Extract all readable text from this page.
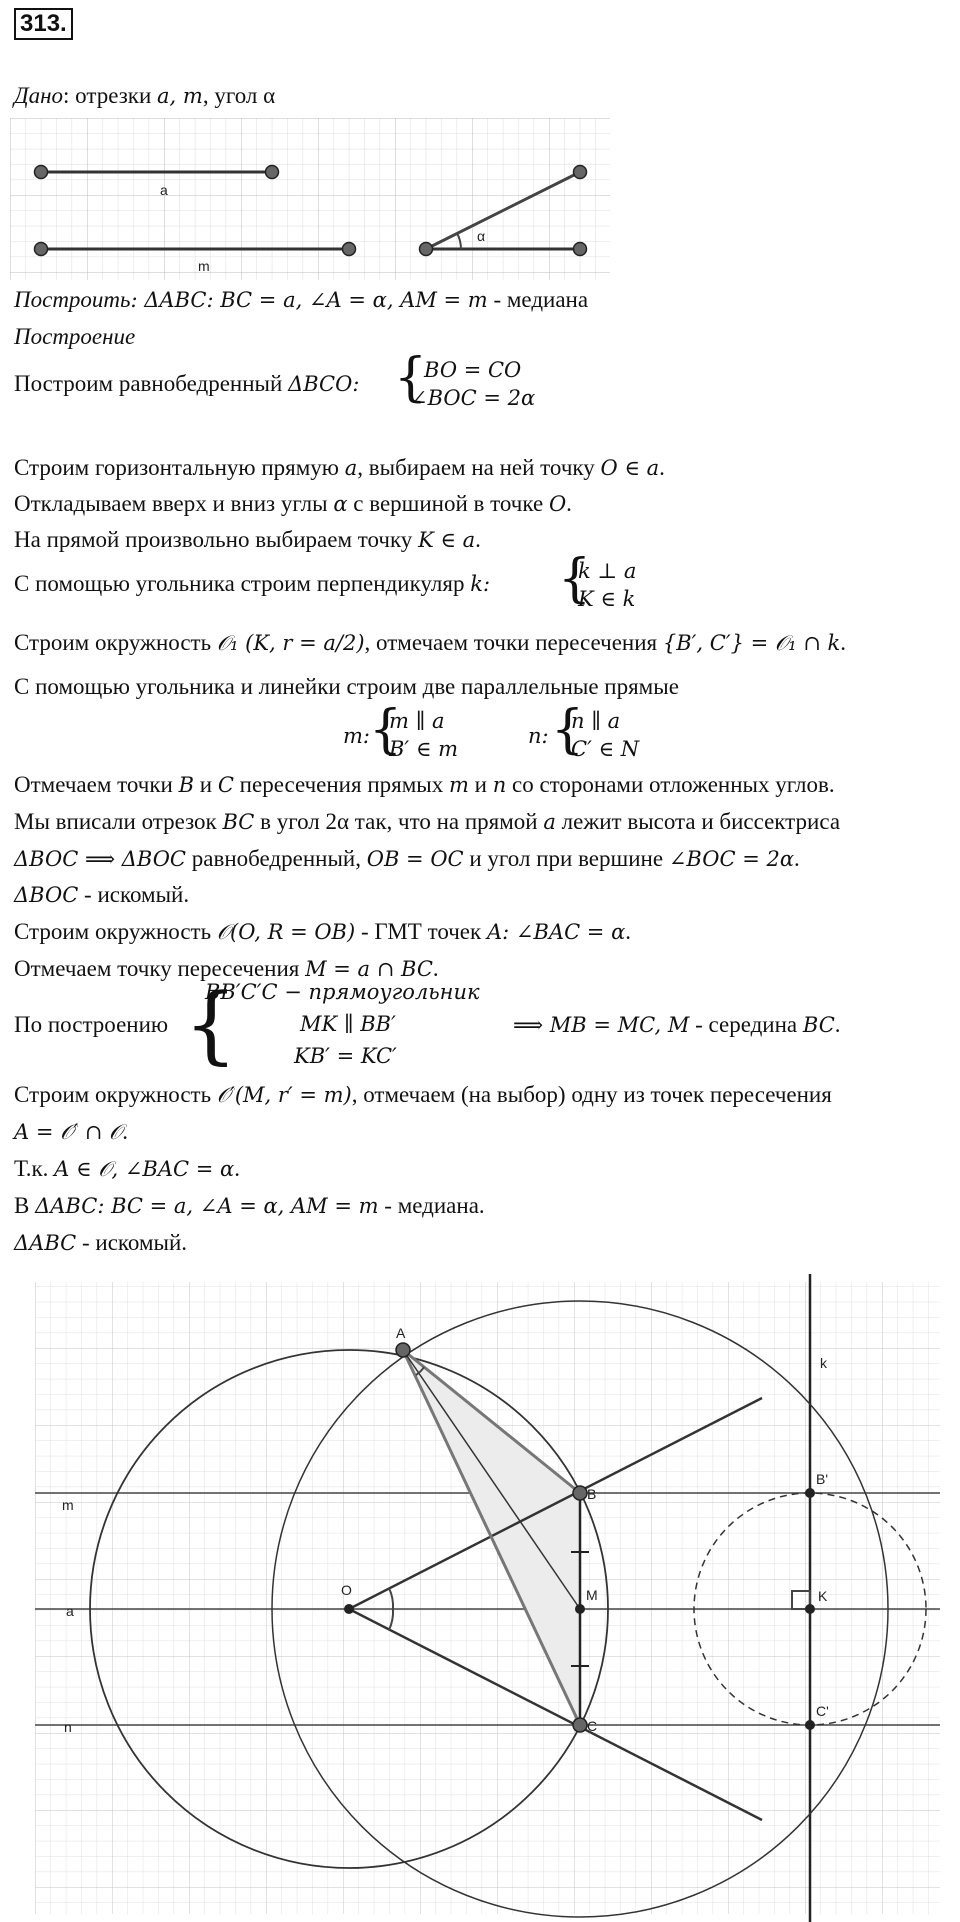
313.
Дано: отрезки a, m, угол α
a
m
α
Построить: ΔABC: BC = a, ∠A = α, AM = m - медиана
Построение
Построим равнобедренный ΔBCO: {
BO = CO
∠BOC = 2α
Строим горизонтальную прямую a, выбираем на ней точку O ∈ a.
Откладываем вверх и вниз углы α с вершиной в точке O.
На прямой произвольно выбираем точку K ∈ a.
С помощью угольника строим перпендикуляр k: {
k ⊥ a
K ∈ k
Строим окружность 𝒪₁ (K, r = a/2), отмечаем точки пересечения {B′, C′} = 𝒪₁ ∩ k.
С помощью угольника и линейки строим две параллельные прямые
m: {
m ∥ a
B′ ∈ m
n: {
n ∥ a
C′ ∈ N
Отмечаем точки B и C пересечения прямых m и n со сторонами отложенных углов.
Мы вписали отрезок BC в угол 2α так, что на прямой a лежит высота и биссектриса
ΔBOC ⟹ ΔBOC равнобедренный, OB = OC и угол при вершине ∠BOC = 2α.
ΔBOC - искомый.
Строим окружность 𝒪(O, R = OB) - ГМТ точек A: ∠BAC = α.
Отмечаем точку пересечения M = a ∩ BC.
По построению {
BB′C′C − прямоугольник
MK ∥ BB′
KB′ = KC′
⟹ MB = MC, M - середина BC.
Строим окружность 𝒪′(M, r′ = m), отмечаем (на выбор) одну из точек пересечения
A = 𝒪′ ∩ 𝒪.
Т.к. A ∈ 𝒪, ∠BAC = α.
В ΔABC: BC = a, ∠A = α, AM = m - медиана.
ΔABC - искомый.
A
B
C
O	M	K
B'
C'
k
m
a
n
